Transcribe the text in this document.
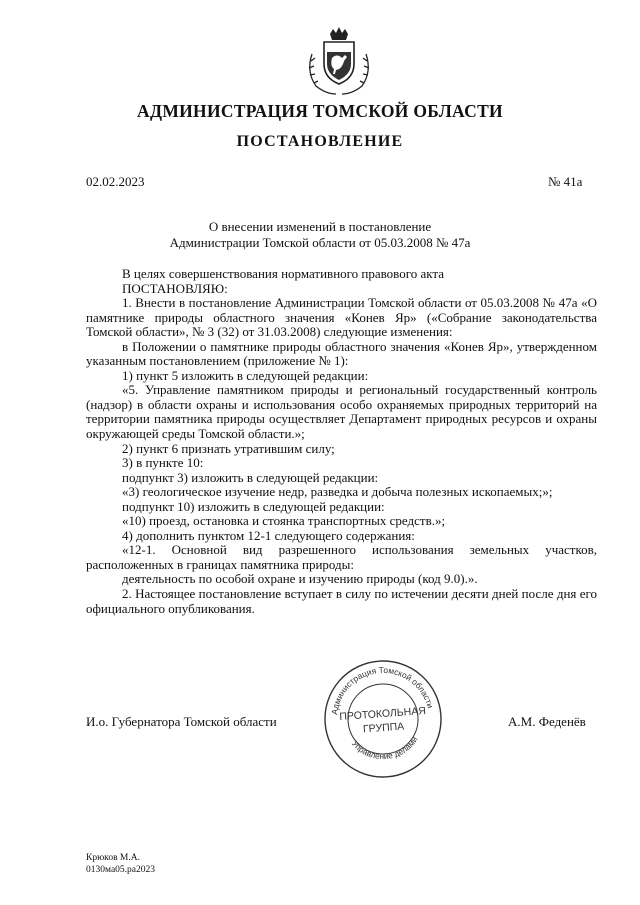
АДМИНИСТРАЦИЯ ТОМСКОЙ ОБЛАСТИ
ПОСТАНОВЛЕНИЕ
02.02.2023	№ 41а
О внесении изменений в постановление
Администрации Томской области от 05.03.2008 № 47а

В целях совершенствования нормативного правового акта

ПОСТАНОВЛЯЮ:

1. Внести в постановление Администрации Томской области от 05.03.2008 № 47а «О памятнике природы областного значения «Конев Яр» («Собрание законодательства Томской области», № 3 (32) от 31.03.2008) следующие изменения:

в Положении о памятнике природы областного значения «Конев Яр», утвержденном указанным постановлением (приложение № 1):

1) пункт 5 изложить в следующей редакции:

«5. Управление памятником природы и региональный государственный контроль (надзор) в области охраны и использования особо охраняемых природных территорий на территории памятника природы осуществляет Департамент природных ресурсов и охраны окружающей среды Томской области.»;

2) пункт 6 признать утратившим силу;

3) в пункте 10:

подпункт 3) изложить в следующей редакции:

«3) геологическое изучение недр, разведка и добыча полезных ископаемых;»;

подпункт 10) изложить в следующей редакции:

«10) проезд, остановка и стоянка транспортных средств.»;

4) дополнить пунктом 12-1 следующего содержания:

«12-1. Основной вид разрешенного использования земельных участков, расположенных в границах памятника природы:

деятельность по особой охране и изучению природы (код 9.0).».

2. Настоящее постановление вступает в силу по истечении десяти дней после дня его официального опубликования.

И.о. Губернатора Томской области	А.М. Феденёв
Администрация Томской области
Управление делами
ПРОТОКОЛЬНАЯ
ГРУППА
Крюков М.А.
0130ма05.ра2023
